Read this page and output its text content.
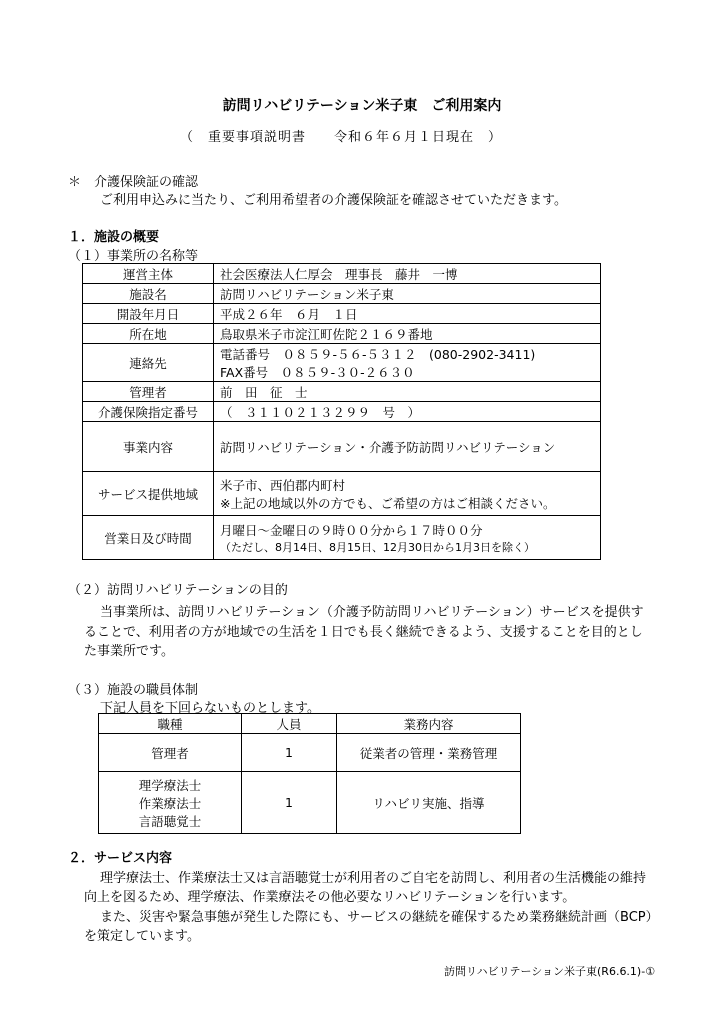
訪問リハビリテーション米子東　ご利用案内
（　重要事項説明書　　令和６年６月１日現在　）
＊　介護保険証の確認
ご利用申込みに当たり、ご利用希望者の介護保険証を確認させていただきます。
１．施設の概要
（１）事業所の名称等
運営主体	社会医療法人仁厚会　理事長　藤井　一博
施設名	訪問リハビリテーション米子東
開設年月日	平成２６年　６月　１日
所在地	鳥取県米子市淀江町佐陀２１６９番地
連絡先	電話番号　０８５９-５６-５３１２　(080-2902-3411)
FAX番号　０８５９-３０-２６３０

管理者	前　田　征　士
介護保険指定番号	（　３１１０２１３２９９　号　）
事業内容	訪問リハビリテーション・介護予防訪問リハビリテーション
サービス提供地域	米子市、西伯郡内町村
※上記の地域以外の方でも、ご希望の方はご相談ください。

営業日及び時間	月曜日～金曜日の９時００分から１７時００分
（ただし、8月14日、8月15日、12月30日から1月3日を除く）
（２）訪問リハビリテーションの目的
当事業所は、訪問リハビリテーション（介護予防訪問リハビリテーション）サービスを提供す
ることで、利用者の方が地域での生活を１日でも長く継続できるよう、支援することを目的とし
た事業所です。
（３）施設の職員体制
下記人員を下回らないものとします。
職種	人員	業務内容
管理者	1	従業者の管理・業務管理

理学療法士
作業療法士
言語聴覚士	1	リハビリ実施、指導
２．サービス内容
理学療法士、作業療法士又は言語聴覚士が利用者のご自宅を訪問し、利用者の生活機能の維持
向上を図るため、理学療法、作業療法その他必要なリハビリテーションを行います。
また、災害や緊急事態が発生した際にも、サービスの継続を確保するため業務継続計画（BCP）
を策定しています。
訪問リハビリテーション米子東(R6.6.1)-①
